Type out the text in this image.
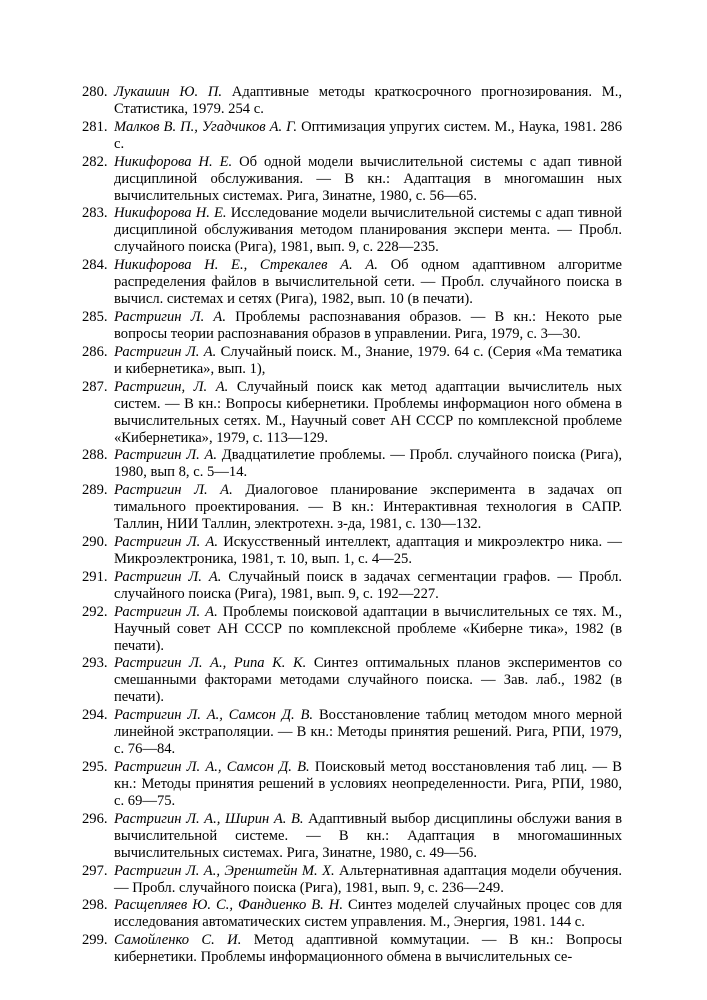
280. Лукашин Ю. П. Адаптивные методы краткосрочного прогнозирования. М., Статистика, 1979. 254 с.
281. Малков В. П., Угадчиков А. Г. Оптимизация упругих систем. М., Наука, 1981. 286 с.
282. Никифорова Н. Е. Об одной модели вычислительной системы с адап тивной дисциплиной обслуживания. — В кн.: Адаптация в многомашин ных вычислительных системах. Рига, Зинатне, 1980, с. 56—65.
283. Никифорова Н. Е. Исследование модели вычислительной системы с адап тивной дисциплиной обслуживания методом планирования экспери мента. — Пробл. случайного поиска (Рига), 1981, вып. 9, с. 228—235.
284. Никифорова Н. Е., Стрекалев А. А. Об одном адаптивном алгоритме распределения файлов в вычислительной сети. — Пробл. случайного поиска в вычисл. системах и сетях (Рига), 1982, вып. 10 (в печати).
285. Растригин Л. А. Проблемы распознавания образов. — В кн.: Некото рые вопросы теории распознавания образов в управлении. Рига, 1979, с. 3—30.
286. Растригин Л. А. Случайный поиск. М., Знание, 1979. 64 с. (Серия «Ма тематика и кибернетика», вып. 1),
287. Растригин, Л. А. Случайный поиск как метод адаптации вычислитель ных систем. — В кн.: Вопросы кибернетики. Проблемы информацион ного обмена в вычислительных сетях. М., Научный совет АН СССР по комплексной проблеме «Кибернетика», 1979, с. 113—129.
288. Растригин Л. А. Двадцатилетие проблемы. — Пробл. случайного поиска (Рига), 1980, вып 8, с. 5—14.
289. Растригин Л. А. Диалоговое планирование эксперимента в задачах оп тимального проектирования. — В кн.: Интерактивная технология в САПР. Таллин, НИИ Таллин, электротехн. з-да, 1981, с. 130—132.
290. Растригин Л. А. Искусственный интеллект, адаптация и микроэлектро ника. — Микроэлектроника, 1981, т. 10, вып. 1, с. 4—25.
291. Растригин Л. А. Случайный поиск в задачах сегментации графов. — Пробл. случайного поиска (Рига), 1981, вып. 9, с. 192—227.
292. Растригин Л. А. Проблемы поисковой адаптации в вычислительных се тях. М., Научный совет АН СССР по комплексной проблеме «Киберне тика», 1982 (в печати).
293. Растригин Л. А., Рипа К. К. Синтез оптимальных планов экспериментов со смешанными факторами методами случайного поиска. — Зав. лаб., 1982 (в печати).
294. Растригин Л. А., Самсон Д. В. Восстановление таблиц методом много мерной линейной экстраполяции. — В кн.: Методы принятия решений. Рига, РПИ, 1979, с. 76—84.
295. Растригин Л. А., Самсон Д. В. Поисковый метод восстановления таб лиц. — В кн.: Методы принятия решений в условиях неопределенности. Рига, РПИ, 1980, с. 69—75.
296. Растригин Л. А., Ширин А. В. Адаптивный выбор дисциплины обслужи вания в вычислительной системе. — В кн.: Адаптация в многомашинных вычислительных системах. Рига, Зинатне, 1980, с. 49—56.
297. Растригин Л. А., Эренштейн М. X. Альтернативная адаптация модели обучения. — Пробл. случайного поиска (Рига), 1981, вып. 9, с. 236—249.
298. Расщепляев Ю. С., Фандиенко В. Н. Синтез моделей случайных процес сов для исследования автоматических систем управления. М., Энергия, 1981. 144 с.
299. Самойленко С. И. Метод адаптивной коммутации. — В кн.: Вопросы кибернетики. Проблемы информационного обмена в вычислительных се-
